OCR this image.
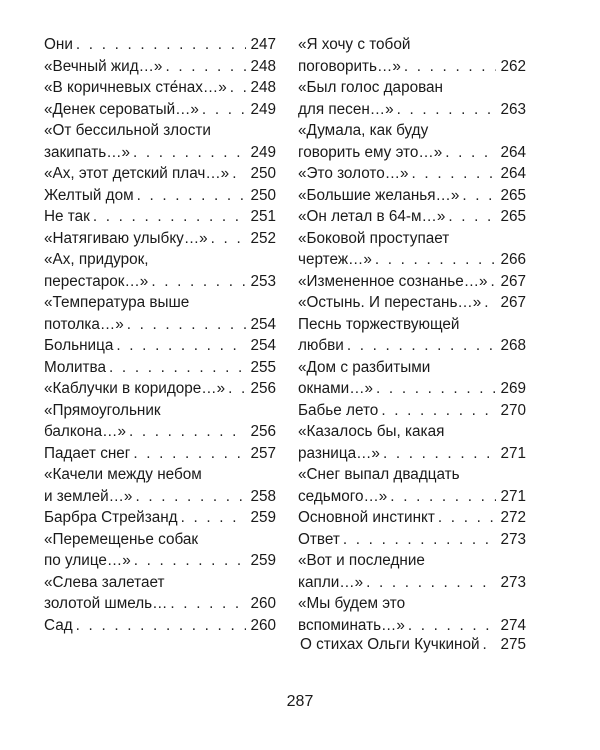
Они . . .	247
«Вечный жид…» . . .	248
«В коричневых сте́нах…» . . . 248
«Денек сероватый…» . . .	249
«От бессильной злости
закипать…» . . .	249
«Ах, этот детский плач…» . . . 250
Желтый дом . . .	250
Не так . . .	251
«Натягиваю улыбку…» . . .	252
«Ах, придурок,
перестарок…» . . .	253
«Температура выше
потолка…» . . .	254
Больница . . .	254
Молитва . . .	255
«Каблучки в коридоре…» . . . 256
«Прямоугольник
балкона…» . . .	256
Падает снег . . .	257
«Качели между небом
и землей…» . . .	258
Барбра Стрейзанд . . .	259
«Перемещенье собак
по улице…» . . .	259
«Слева залетает
золотой шмель… . . .	260
Сад . . .	260
«Я хочу с тобой
поговорить…» . . .	262
«Был голос дарован
для песен…» . . .	263
«Думала, как буду
говорить ему это…» . . .	264
«Это золото…» . . .	264
«Большие желанья…» . . .	265
«Он летал в 64-м…» . . .	265
«Боковой проступает
чертеж…» . . .	266
«Измененное сознанье…» . . . 267
«Остынь. И перестань…» . . . 267
Песнь торжествующей
любви . . .	268
«Дом с разбитыми
окнами…» . . .	269
Бабье лето . . .	270
«Казалось бы, какая
разница…» . . .	271
«Снег выпал двадцать
седьмого…» . . .	271
Основной инстинкт . . .	272
Ответ . . .	273
«Вот и последние
капли…» . . .	273
«Мы будем это
вспоминать…» . . .	274
О стихах Ольги Кучкиной . . . 275
287
